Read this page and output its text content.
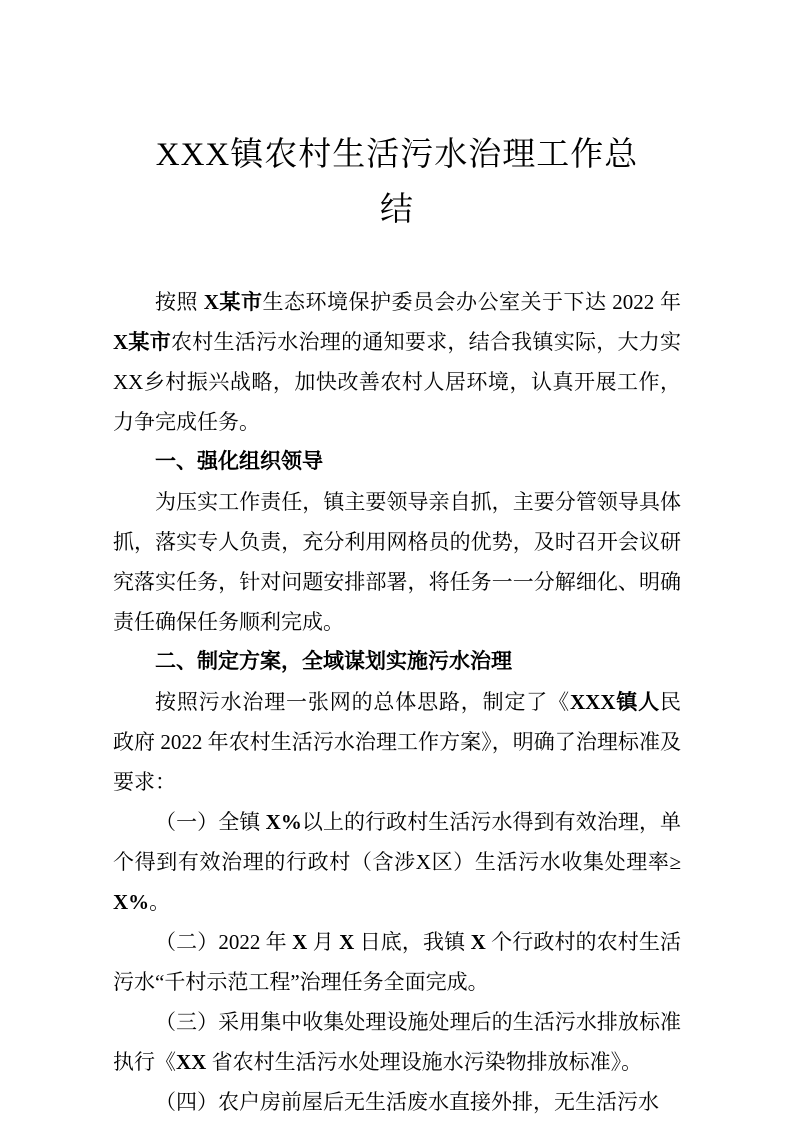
XXX镇农村生活污水治理工作总
结

按照 X某市生态环境保护委员会办公室关于下达 2022 年X某市农村生活污水治理的通知要求，结合我镇实际，大力实XX乡村振兴战略，加快改善农村人居环境，认真开展工作，力争完成任务。

一、强化组织领导

为压实工作责任，镇主要领导亲自抓，主要分管领导具体抓，落实专人负责，充分利用网格员的优势，及时召开会议研究落实任务，针对问题安排部署，将任务一一分解细化、明确责任确保任务顺利完成。

二、制定方案，全域谋划实施污水治理

按照污水治理一张网的总体思路，制定了《XXX镇人民政府 2022 年农村生活污水治理工作方案》，明确了治理标准及要求：

（一）全镇 X%以上的行政村生活污水得到有效治理，单个得到有效治理的行政村（含涉X区）生活污水收集处理率≥X%。

（二）2022 年 X 月 X 日底，我镇 X 个行政村的农村生活污水“千村示范工程”治理任务全面完成。

（三）采用集中收集处理设施处理后的生活污水排放标准执行《XX 省农村生活污水处理设施水污染物排放标准》。

（四）农户房前屋后无生活废水直接外排，无生活污水
